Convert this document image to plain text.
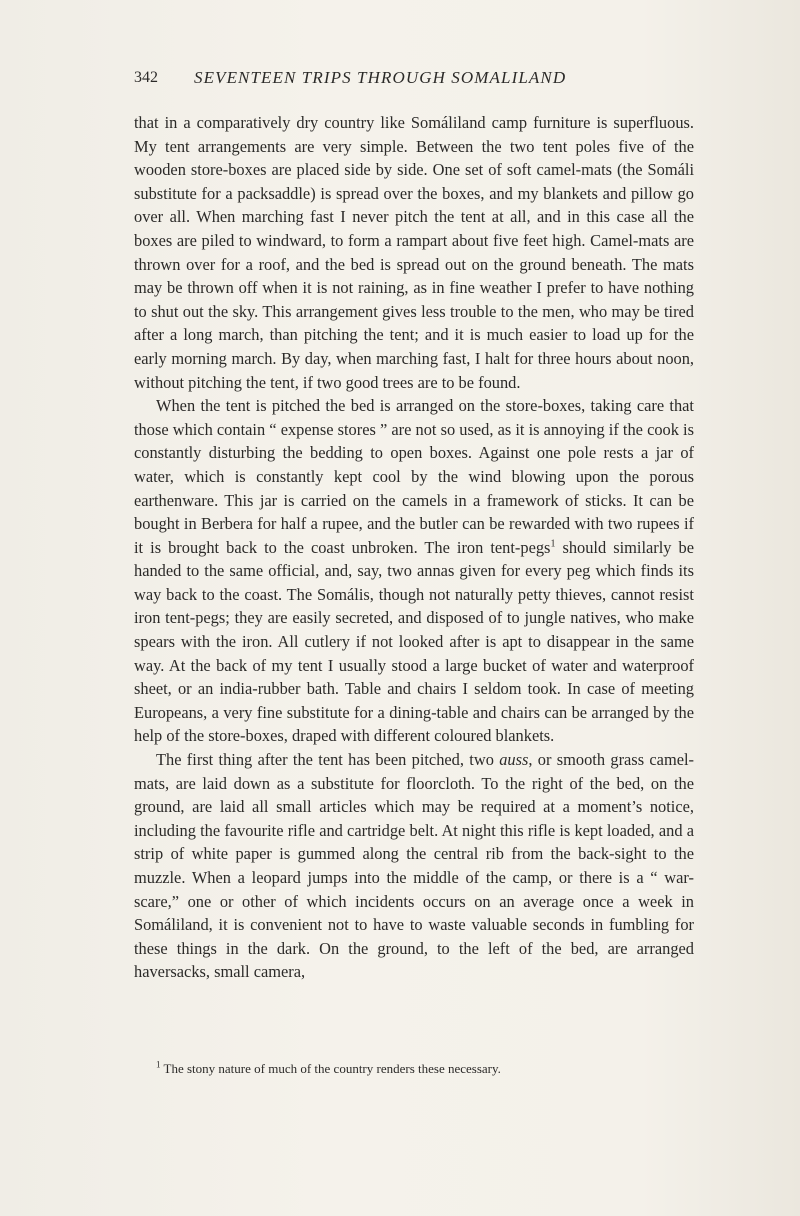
342 SEVENTEEN TRIPS THROUGH SOMALILAND

that in a comparatively dry country like Somáliland camp furniture is superfluous. My tent arrangements are very simple. Between the two tent poles five of the wooden store-boxes are placed side by side. One set of soft camel-mats (the Somáli substitute for a packsaddle) is spread over the boxes, and my blankets and pillow go over all. When marching fast I never pitch the tent at all, and in this case all the boxes are piled to windward, to form a rampart about five feet high. Camel-mats are thrown over for a roof, and the bed is spread out on the ground beneath. The mats may be thrown off when it is not raining, as in fine weather I prefer to have nothing to shut out the sky. This arrangement gives less trouble to the men, who may be tired after a long march, than pitching the tent; and it is much easier to load up for the early morning march. By day, when marching fast, I halt for three hours about noon, without pitching the tent, if two good trees are to be found.

When the tent is pitched the bed is arranged on the store-boxes, taking care that those which contain “ expense stores ” are not so used, as it is annoying if the cook is constantly disturbing the bedding to open boxes. Against one pole rests a jar of water, which is constantly kept cool by the wind blowing upon the porous earthenware. This jar is carried on the camels in a framework of sticks. It can be bought in Berbera for half a rupee, and the butler can be rewarded with two rupees if it is brought back to the coast unbroken. The iron tent-pegs$^1$ should similarly be handed to the same official, and, say, two annas given for every peg which finds its way back to the coast. The Somális, though not naturally petty thieves, cannot resist iron tent-pegs; they are easily secreted, and disposed of to jungle natives, who make spears with the iron. All cutlery if not looked after is apt to disappear in the same way. At the back of my tent I usually stood a large bucket of water and waterproof sheet, or an india-rubber bath. Table and chairs I seldom took. In case of meeting Europeans, a very fine substitute for a dining-table and chairs can be arranged by the help of the store-boxes, draped with different coloured blankets.

The first thing after the tent has been pitched, two auss, or smooth grass camel-mats, are laid down as a substitute for floorcloth. To the right of the bed, on the ground, are laid all small articles which may be required at a moment’s notice, including the favourite rifle and cartridge belt. At night this rifle is kept loaded, and a strip of white paper is gummed along the central rib from the back-sight to the muzzle. When a leopard jumps into the middle of the camp, or there is a “ war-scare,” one or other of which incidents occurs on an average once a week in Somáliland, it is convenient not to have to waste valuable seconds in fumbling for these things in the dark. On the ground, to the left of the bed, are arranged haversacks, small camera,

$^1$ The stony nature of much of the country renders these necessary.
